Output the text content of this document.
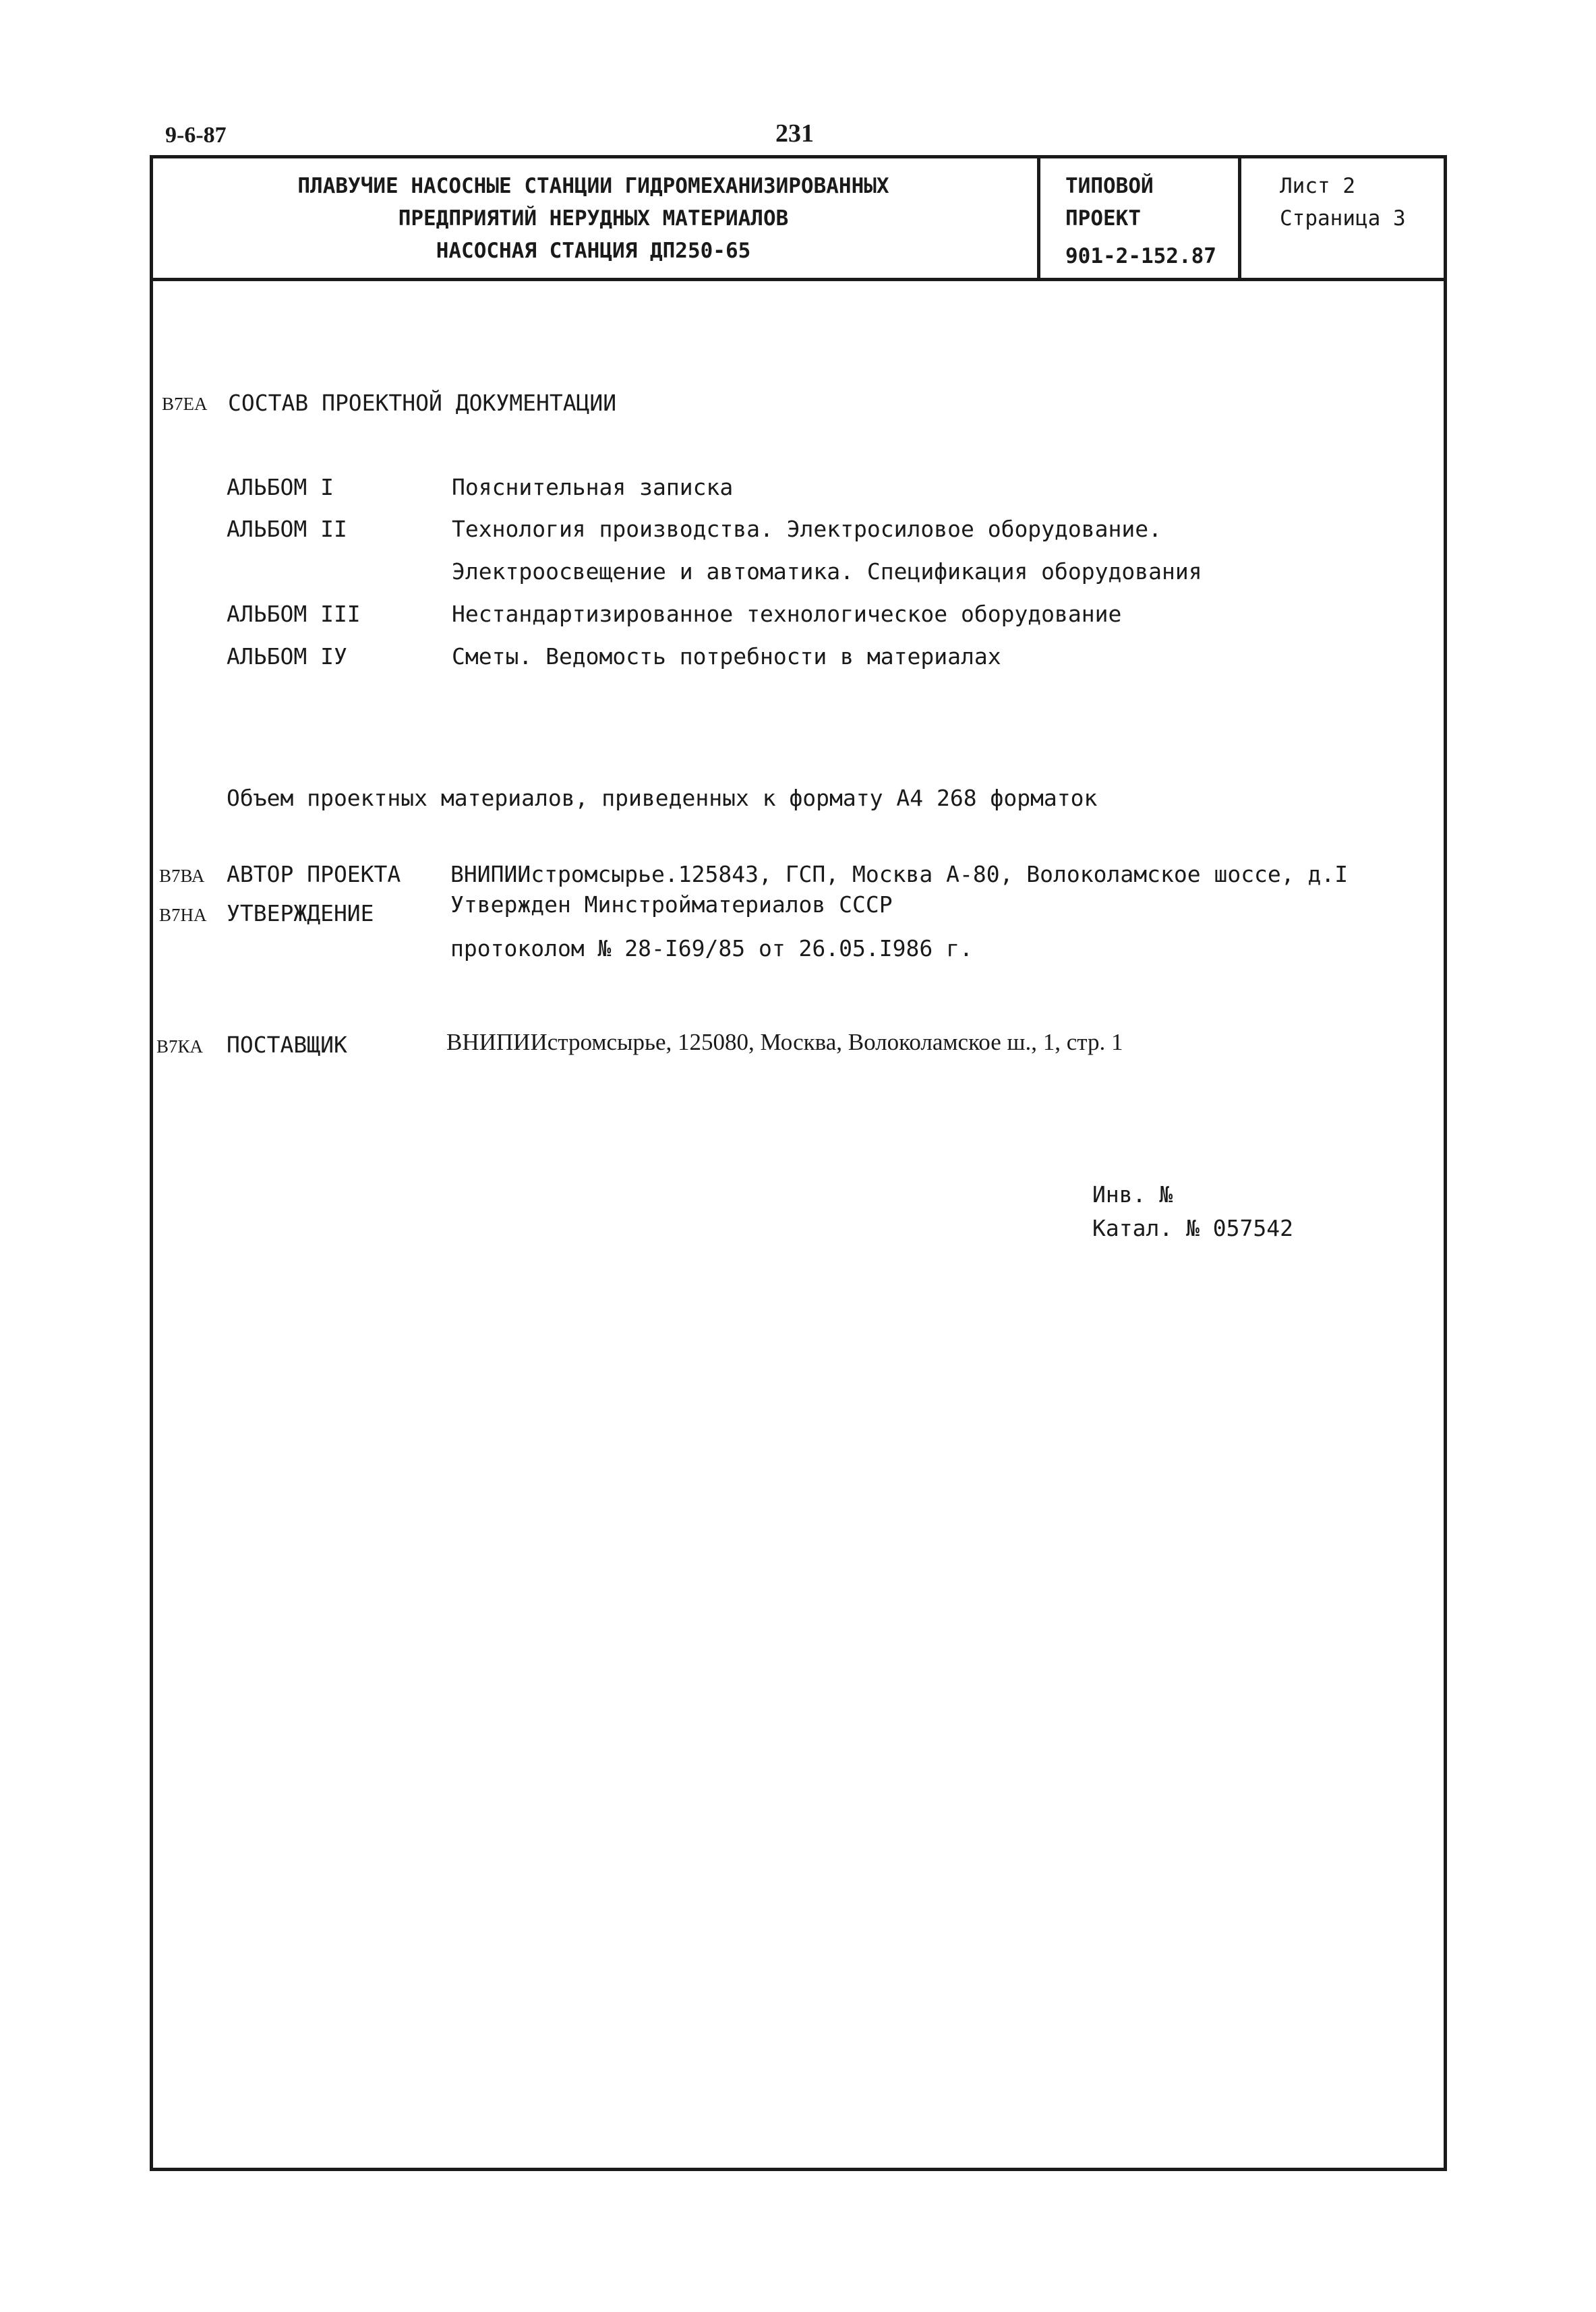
9-6-87	231
ПЛАВУЧИЕ НАСОСНЫЕ СТАНЦИИ ГИДРОМЕХАНИЗИРОВАННЫХ
ПРЕДПРИЯТИЙ НЕРУДНЫХ МАТЕРИАЛОВ
НАСОСНАЯ СТАНЦИЯ ДП250-65
ТИПОВОЙ
ПРОЕКТ
901-2-152.87
Лист 2
Страница 3
В7ЕА СОСТАВ ПРОЕКТНОЙ ДОКУМЕНТАЦИИ
АЛЬБОМ I	Пояснительная записка
АЛЬБОМ II	Технология производства. Электросиловое оборудование.
Электроосвещение и автоматика. Спецификация оборудования
АЛЬБОМ III	Нестандартизированное технологическое оборудование
АЛЬБОМ IУ	Сметы. Ведомость потребности в материалах
Объем проектных материалов, приведенных к формату А4 268 форматок
В7ВА АВТОР ПРОЕКТА ВНИПИИстромсырье.125843, ГСП, Москва А-80, Волоколамское шоссе, д.I
В7НА УТВЕРЖДЕНИЕ	Утвержден Минстройматериалов СССР
протоколом № 28-I69/85 от 26.05.I986 г.
В7КА ПОСТАВЩИК	ВНИПИИстромсырье, 125080, Москва, Волоколамское ш., 1, стр. 1
Инв. №
Катал. № 057542
